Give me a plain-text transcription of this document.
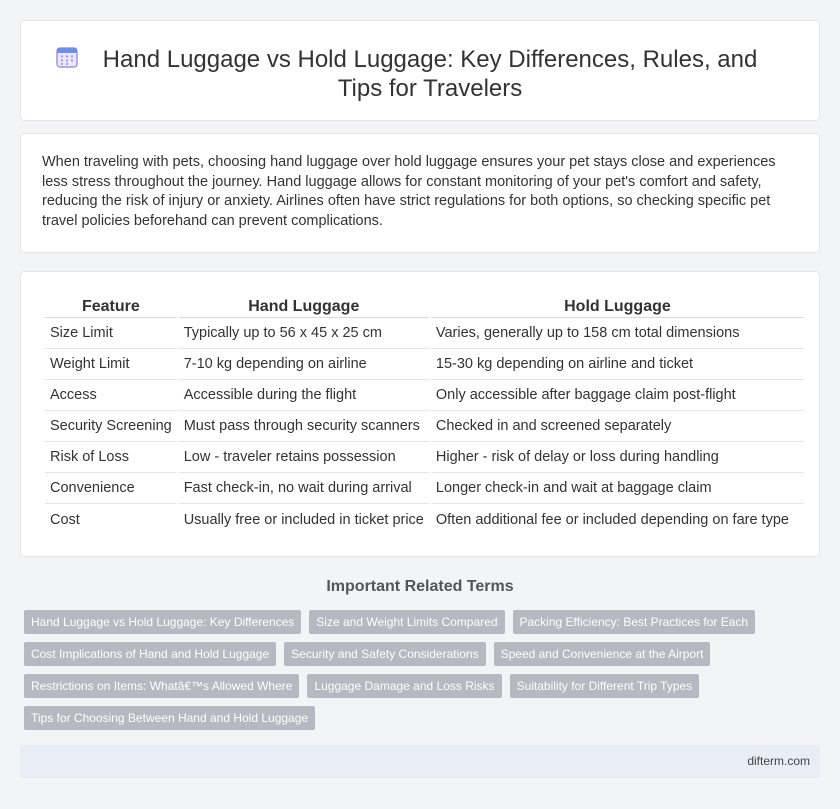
Hand Luggage vs Hold Luggage: Key Differences, Rules, and Tips for Travelers

When traveling with pets, choosing hand luggage over hold luggage ensures your pet stays close and experiences less stress throughout the journey. Hand luggage allows for constant monitoring of your pet's comfort and safety, reducing the risk of injury or anxiety. Airlines often have strict regulations for both options, so checking specific pet travel policies beforehand can prevent complications.

Feature	Hand Luggage	Hold Luggage
Size Limit	Typically up to 56 x 45 x 25 cm	Varies, generally up to 158 cm total dimensions
Weight Limit	7-10 kg depending on airline	15-30 kg depending on airline and ticket
Access	Accessible during the flight	Only accessible after baggage claim post-flight
Security Screening	Must pass through security scanners	Checked in and screened separately
Risk of Loss	Low - traveler retains possession	Higher - risk of delay or loss during handling
Convenience	Fast check-in, no wait during arrival	Longer check-in and wait at baggage claim
Cost	Usually free or included in ticket price	Often additional fee or included depending on fare type
Important Related Terms
Hand Luggage vs Hold Luggage: Key Differences	Size and Weight Limits Compared	Packing Efficiency: Best Practices for Each
Cost Implications of Hand and Hold Luggage	Security and Safety Considerations	Speed and Convenience at the Airport
Restrictions on Items: Whatâ€™s Allowed Where	Luggage Damage and Loss Risks	Suitability for Different Trip Types
Tips for Choosing Between Hand and Hold Luggage
difterm.com
